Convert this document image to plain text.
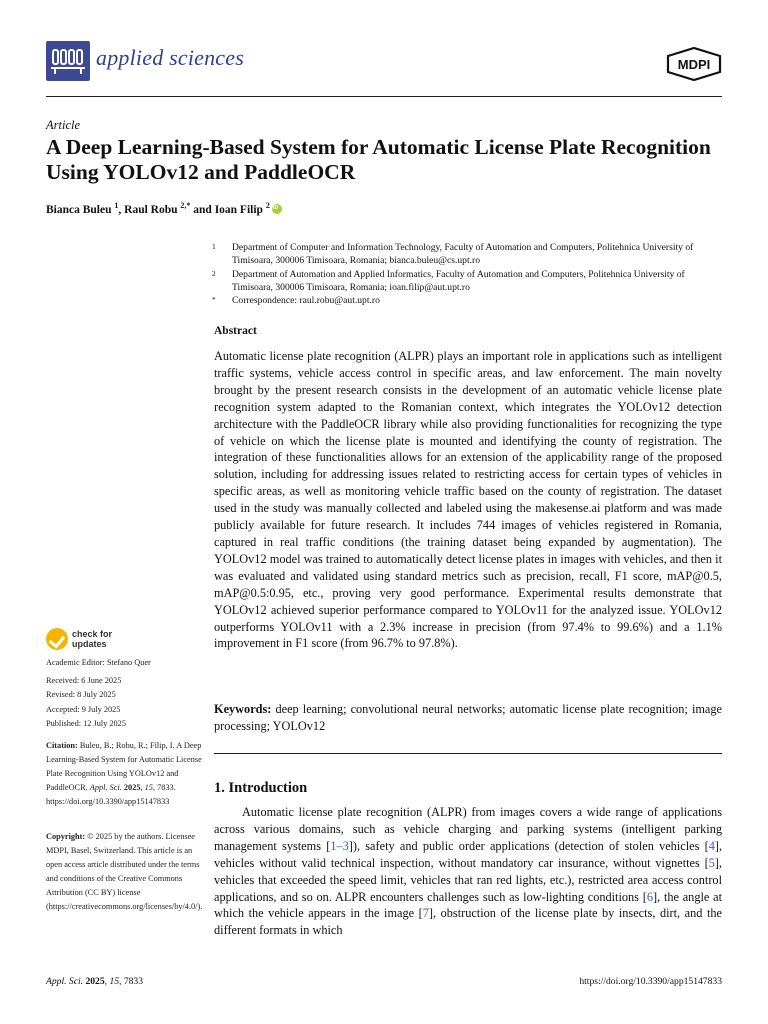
applied sciences	MDPI
Article
A Deep Learning-Based System for Automatic License Plate Recognition Using YOLOv12 and PaddleOCR
Bianca Buleu $^1$, Raul Robu $^{2,*}$ and Ioan Filip $^2$iD
1	Department of Computer and Information Technology, Faculty of Automation and Computers, Politehnica University of Timisoara, 300006 Timisoara, Romania; bianca.buleu@cs.upt.ro
2	Department of Automation and Applied Informatics, Faculty of Automation and Computers, Politehnica University of Timisoara, 300006 Timisoara, Romania; ioan.filip@aut.upt.ro
*	Correspondence: raul.robu@aut.upt.ro
Abstract
Automatic license plate recognition (ALPR) plays an important role in applications such as intelligent traffic systems, vehicle access control in specific areas, and law enforcement. The main novelty brought by the present research consists in the development of an automatic vehicle license plate recognition system adapted to the Romanian context, which integrates the YOLOv12 detection architecture with the PaddleOCR library while also providing functionalities for recognizing the type of vehicle on which the license plate is mounted and identifying the county of registration. The integration of these functionalities allows for an extension of the applicability range of the proposed solution, including for addressing issues related to restricting access for certain types of vehicles in specific areas, as well as monitoring vehicle traffic based on the county of registration. The dataset used in the study was manually collected and labeled using the makesense.ai platform and was made publicly available for future research. It includes 744 images of vehicles registered in Romania, captured in real traffic conditions (the training dataset being expanded by augmentation). The YOLOv12 model was trained to automatically detect license plates in images with vehicles, and then it was evaluated and validated using standard metrics such as precision, recall, F1 score, mAP@0.5, mAP@0.5:0.95, etc., proving very good performance. Experimental results demonstrate that YOLOv12 achieved superior performance compared to YOLOv11 for the analyzed issue. YOLOv12 outperforms YOLOv11 with a 2.3% increase in precision (from 97.4% to 99.6%) and a 1.1% improvement in F1 score (from 96.7% to 97.8%).
Keywords: deep learning; convolutional neural networks; automatic license plate recognition; image processing; YOLOv12
1. Introduction
Automatic license plate recognition (ALPR) from images covers a wide range of applications across various domains, such as vehicle charging and parking systems (intelligent parking management systems [1–3]), safety and public order applications (detection of stolen vehicles [4], vehicles without valid technical inspection, without mandatory car insurance, without vignettes [5], vehicles that exceeded the speed limit, vehicles that ran red lights, etc.), restricted area access control applications, and so on. ALPR encounters challenges such as low-lighting conditions [6], the angle at which the vehicle appears in the image [7], obstruction of the license plate by insects, dirt, and the different formats in which
check for
updates
Academic Editor: Stefano Quer
Received: 6 June 2025
Revised: 8 July 2025
Accepted: 9 July 2025
Published: 12 July 2025
Citation: Buleu, B.; Robu, R.; Filip, I. A Deep Learning-Based System for Automatic License Plate Recognition Using YOLOv12 and PaddleOCR. Appl. Sci. 2025, 15, 7833. https://doi.org/10.3390/app15147833
Copyright: © 2025 by the authors. Licensee MDPI, Basel, Switzerland. This article is an open access article distributed under the terms and conditions of the Creative Commons Attribution (CC BY) license (https://creativecommons.org/licenses/by/4.0/).
Appl. Sci. 2025, 15, 7833	https://doi.org/10.3390/app15147833
